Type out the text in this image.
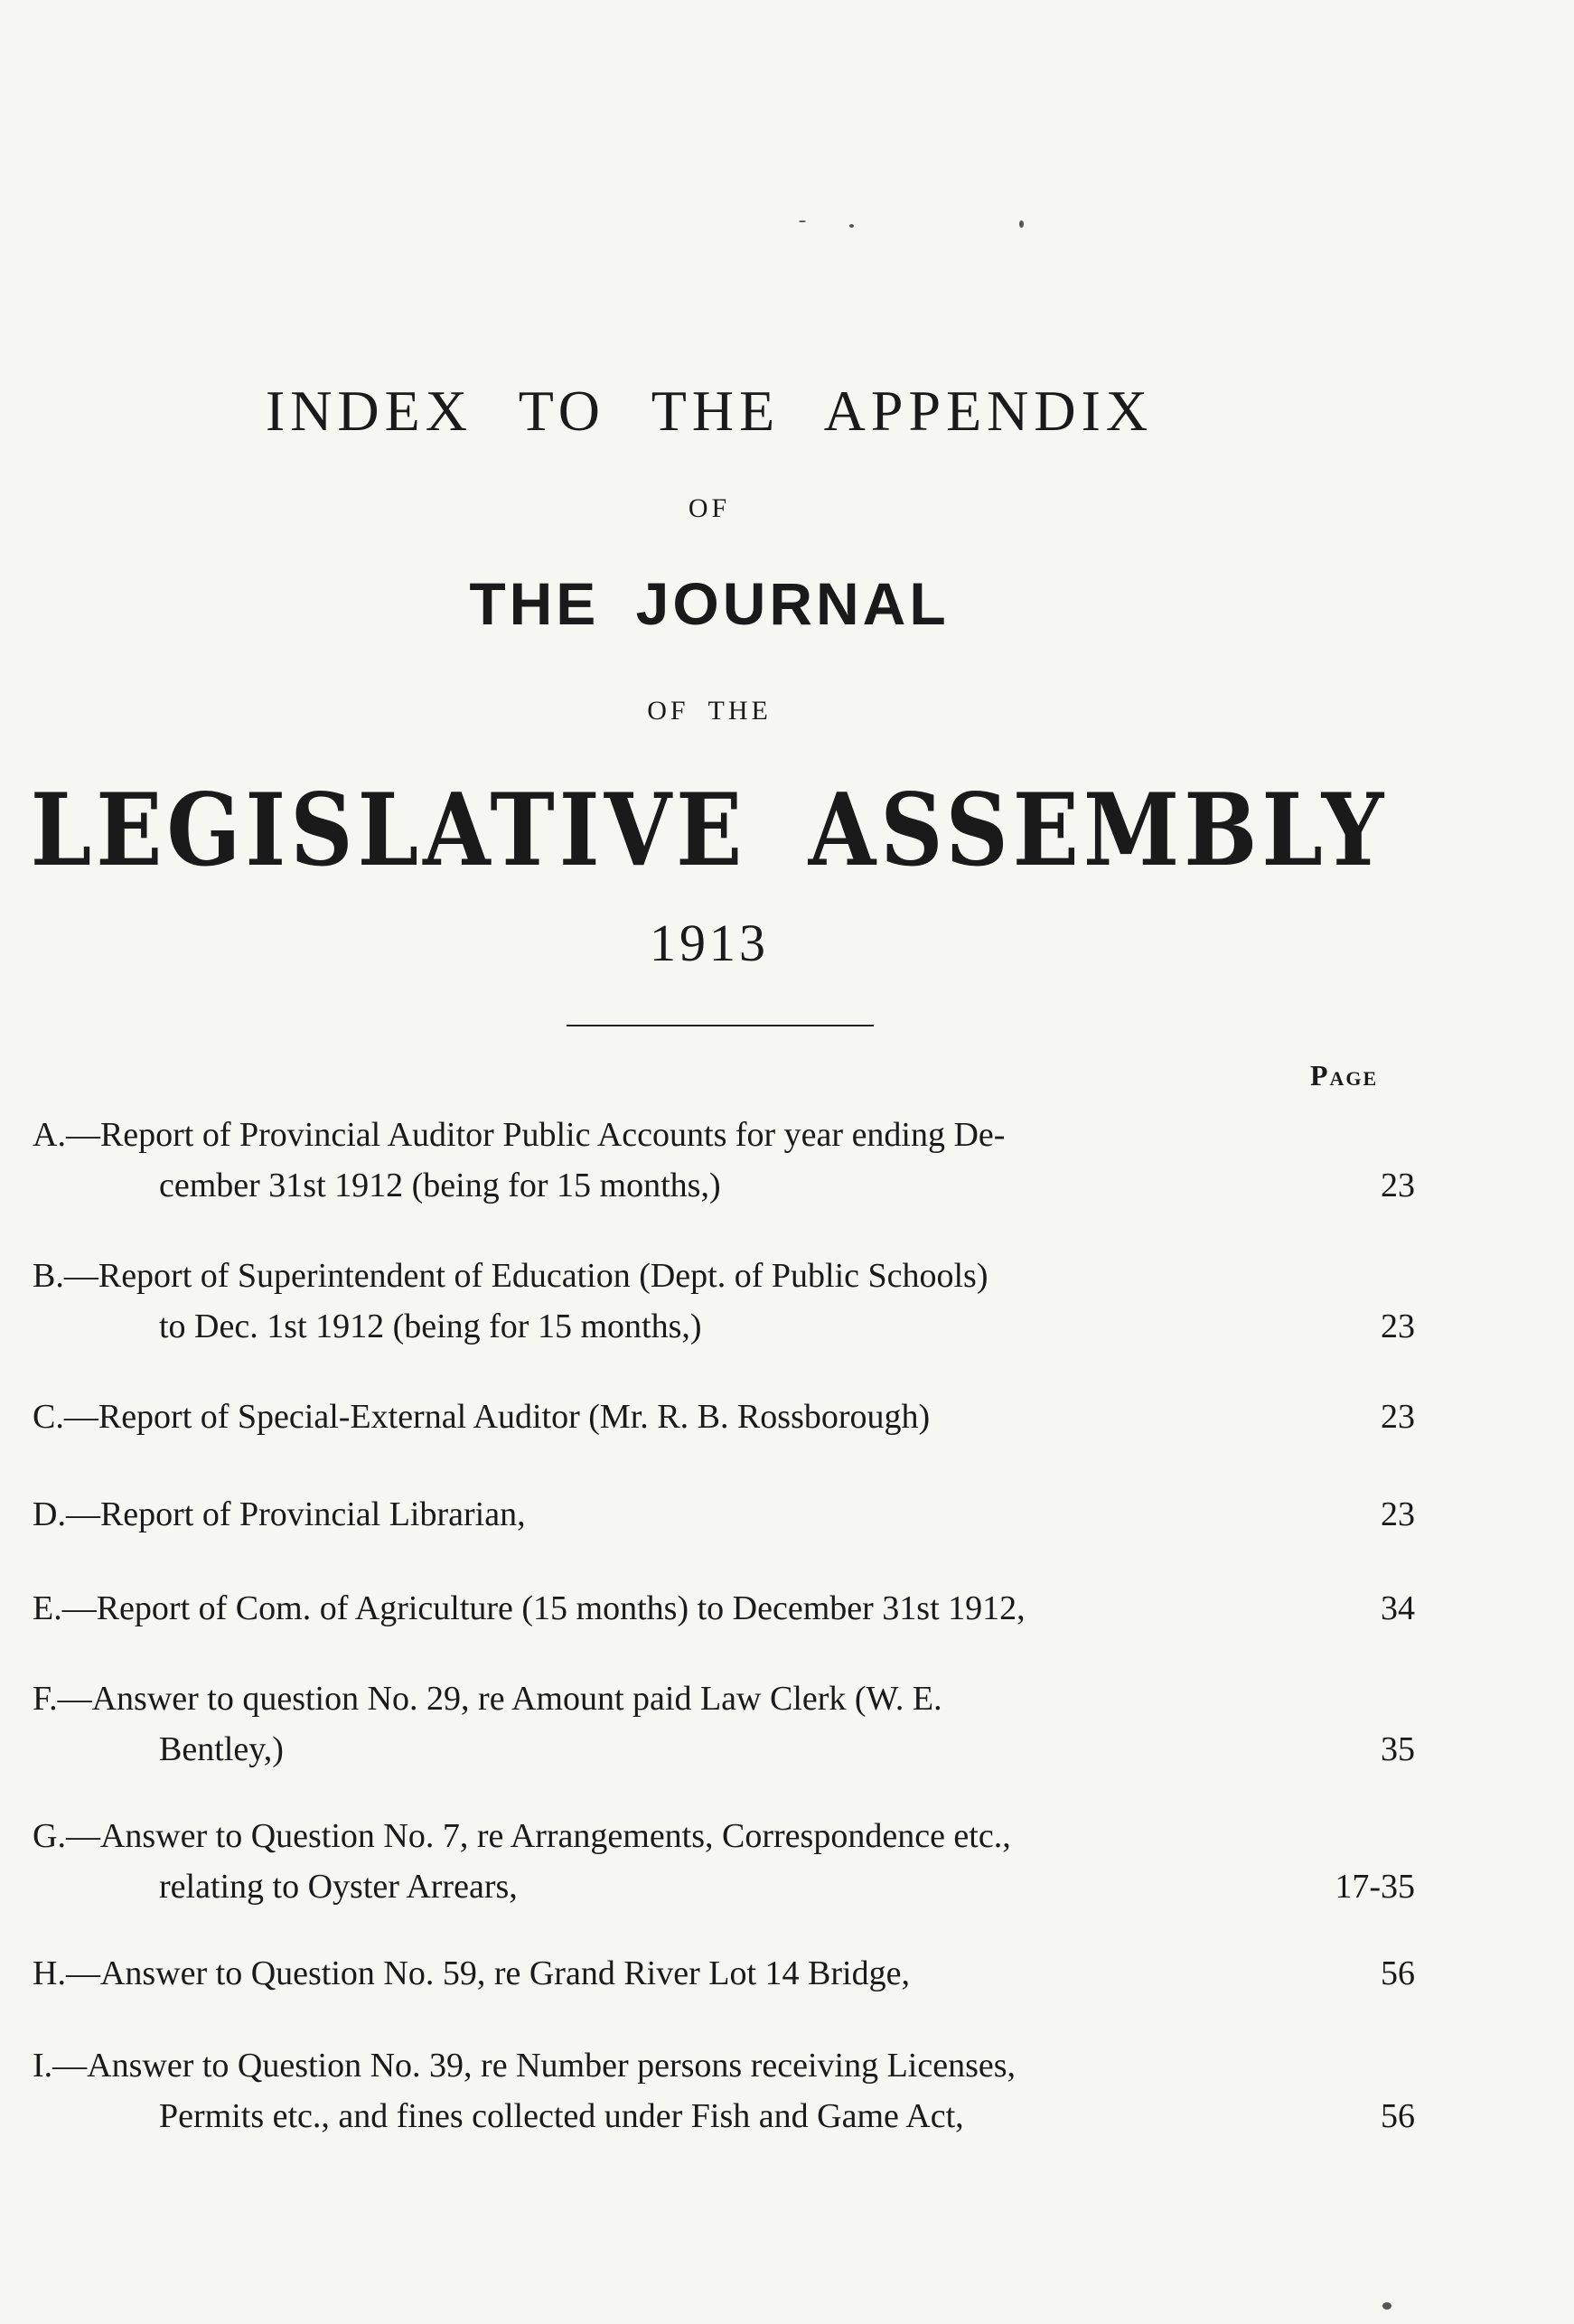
INDEX TO THE APPENDIX
OF
THE JOURNAL
OF THE
LEGISLATIVE ASSEMBLY
1913
Page
A.—Report of Provincial Auditor Public Accounts for year ending De-
cember 31st 1912 (being for 15 months,)	23
B.—Report of Superintendent of Education (Dept. of Public Schools)
to Dec. 1st 1912 (being for 15 months,)	23
C.—Report of Special-External Auditor (Mr. R. B. Rossborough)	23
D.—Report of Provincial Librarian,	23
E.—Report of Com. of Agriculture (15 months) to December 31st 1912,	34
F.—Answer to question No. 29, re Amount paid Law Clerk (W. E.
Bentley,)	35
G.—Answer to Question No. 7, re Arrangements, Correspondence etc.,
relating to Oyster Arrears,	17-35
H.—Answer to Question No. 59, re Grand River Lot 14 Bridge,	56
I.—Answer to Question No. 39, re Number persons receiving Licenses,
Permits etc., and fines collected under Fish and Game Act,	56
